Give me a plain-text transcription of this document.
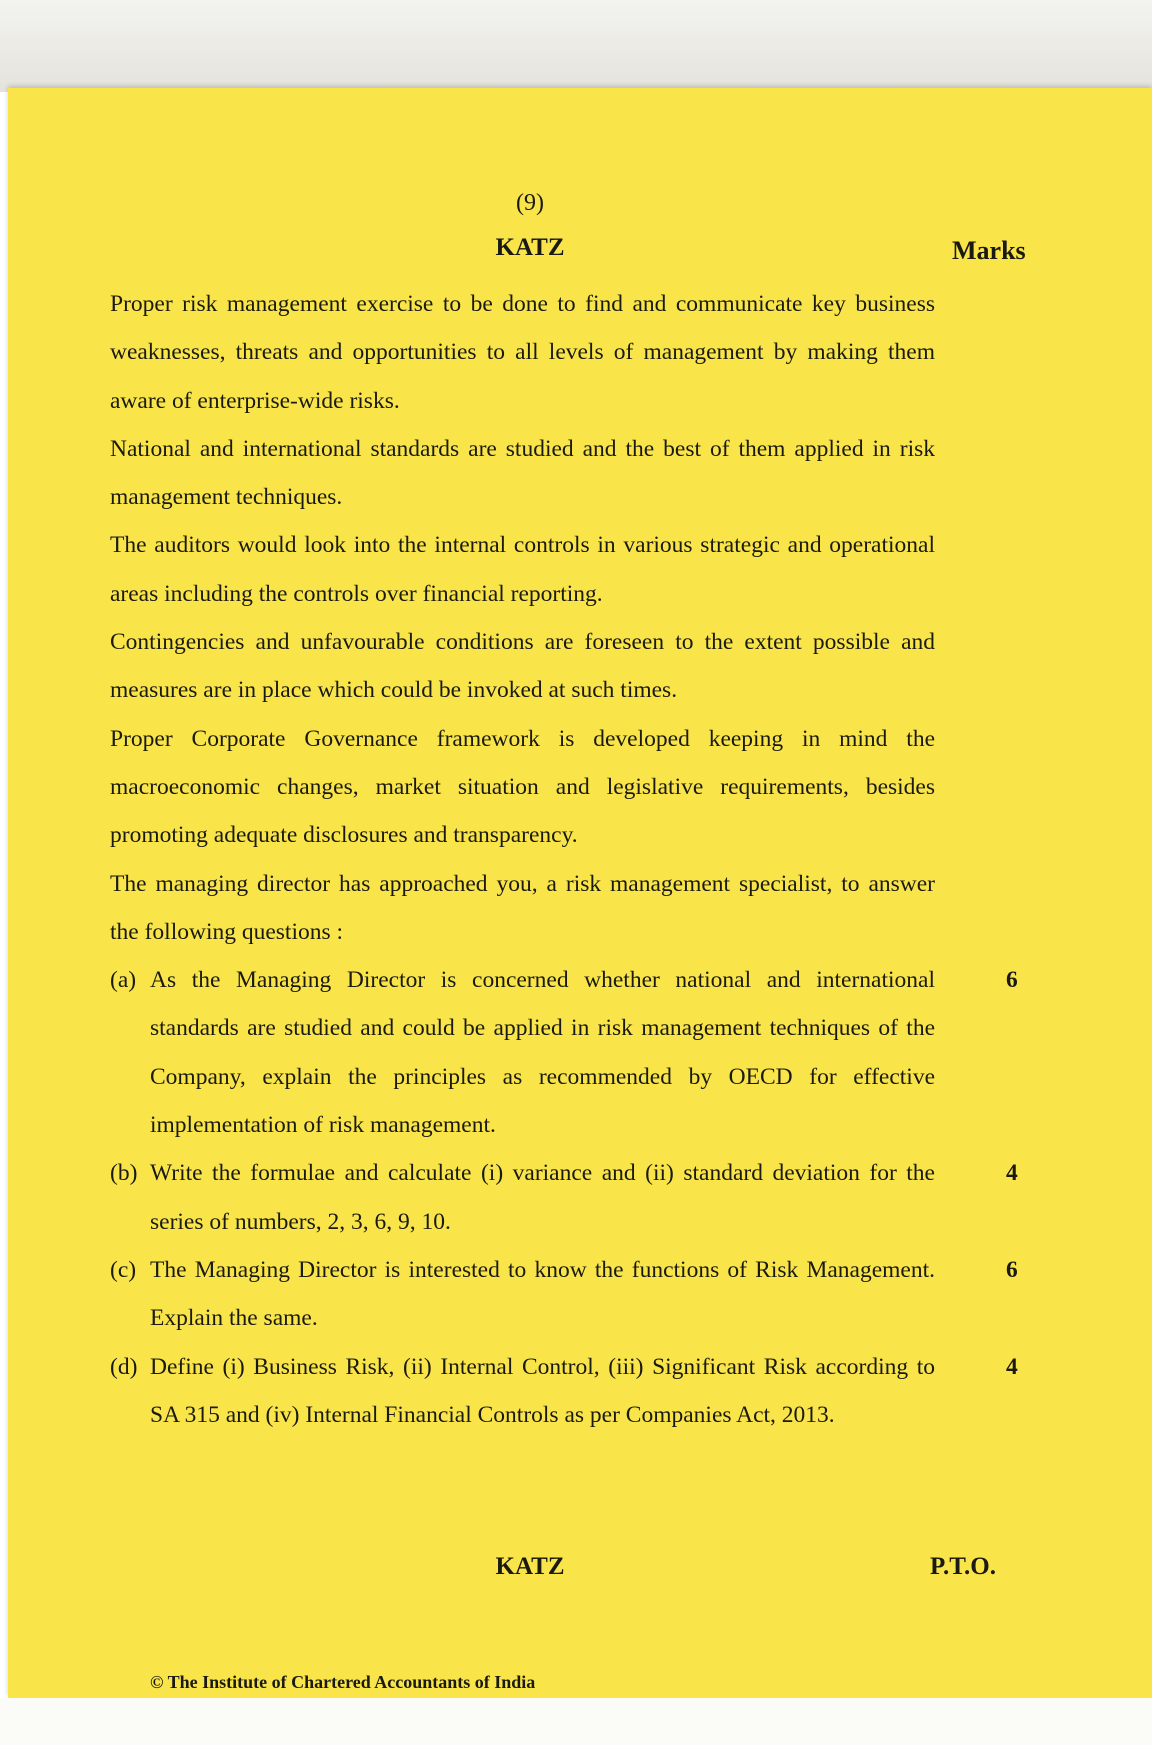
(9)
KATZ	Marks

Proper risk management exercise to be done to find and communicate key business weaknesses, threats and opportunities to all levels of management by making them aware of enterprise-wide risks.

National and international standards are studied and the best of them applied in risk management techniques.

The auditors would look into the internal controls in various strategic and operational areas including the controls over financial reporting.

Contingencies and unfavourable conditions are foreseen to the extent possible and measures are in place which could be invoked at such times.

Proper Corporate Governance framework is developed keeping in mind the macroeconomic changes, market situation and legislative requirements, besides promoting adequate disclosures and transparency.

The managing director has approached you, a risk management specialist, to answer the following questions :

(a) As the Managing Director is concerned whether national and international standards are studied and could be applied in risk management techniques of the Company, explain the principles as recommended by OECD for effective implementation of risk management.
6
(b) Write the formulae and calculate (i) variance and (ii) standard deviation for the series of numbers, 2, 3, 6, 9, 10.
4
(c) The Managing Director is interested to know the functions of Risk Management. Explain the same.
6
(d) Define (i) Business Risk, (ii) Internal Control, (iii) Significant Risk according to SA 315 and (iv) Internal Financial Controls as per Companies Act, 2013.
4
KATZ	P.T.O.
© The Institute of Chartered Accountants of India
